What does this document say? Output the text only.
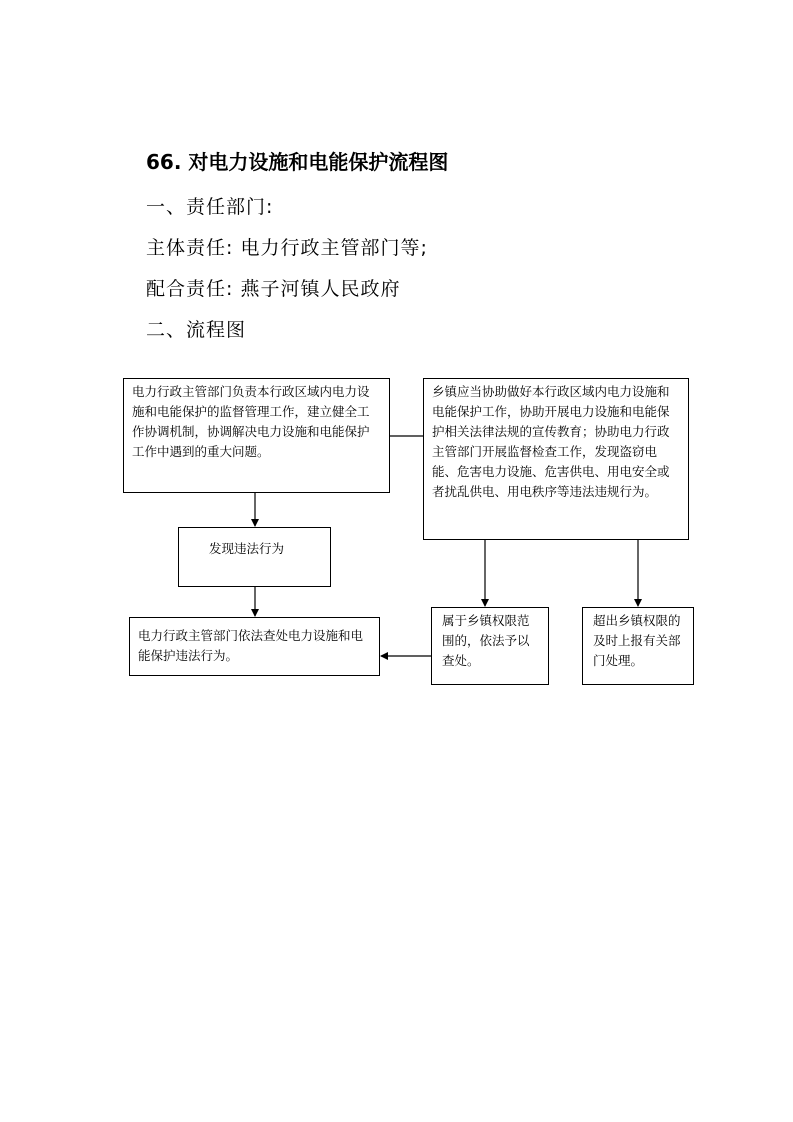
66. 对电力设施和电能保护流程图
一、责任部门:
主体责任: 电力行政主管部门等;
配合责任: 燕子河镇人民政府
二、流程图
电力行政主管部门负责本行政区域内电力设施和电能保护的监督管理工作，建立健全工作协调机制，协调解决电力设施和电能保护工作中遇到的重大问题。
乡镇应当协助做好本行政区域内电力设施和电能保护工作，协助开展电力设施和电能保护相关法律法规的宣传教育；协助电力行政主管部门开展监督检查工作，发现盗窃电能、危害电力设施、危害供电、用电安全或者扰乱供电、用电秩序等违法违规行为。
发现违法行为
电力行政主管部门依法查处电力设施和电能保护违法行为。
属于乡镇权限范围的，依法予以查处。
超出乡镇权限的及时上报有关部门处理。
